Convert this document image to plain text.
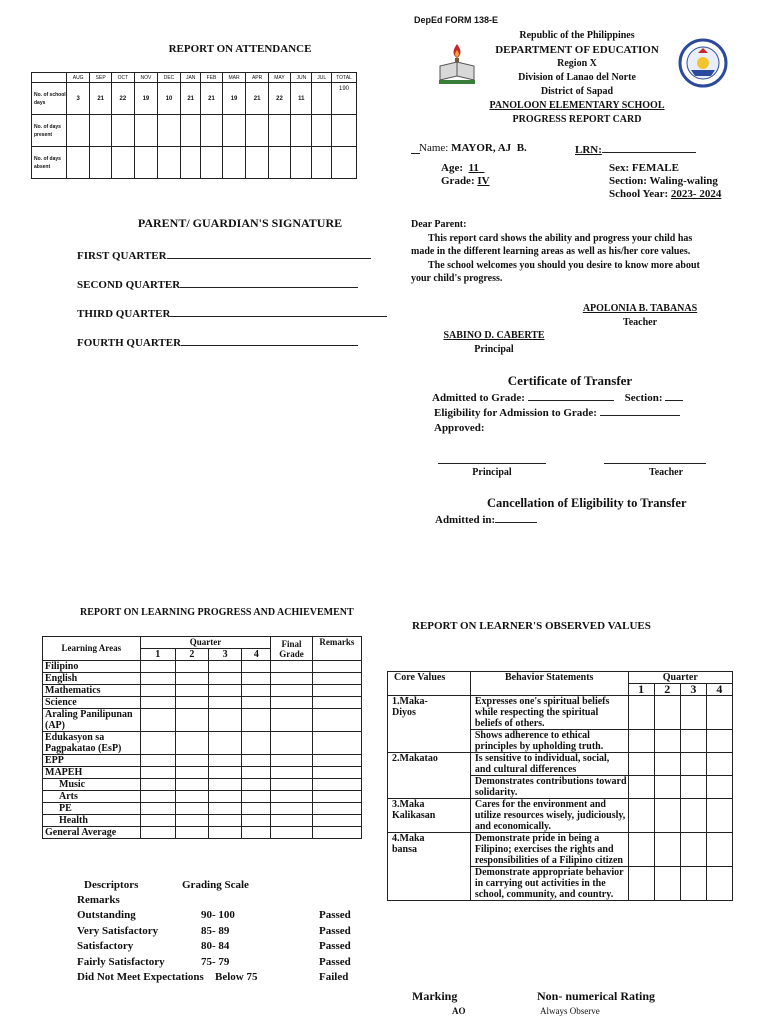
REPORT ON ATTENDANCE
	AUG	SEP	OCT	NOV	DEC	JAN	FEB	MAR	APR	MAY	JUN	JUL	TOTAL
No. of school days	3	21	22	19	10	21	21	19	21	22	11		190
No. of days present													
No. of days absent													
PARENT/ GUARDIAN'S SIGNATURE
FIRST QUARTER
SECOND QUARTER
THIRD QUARTER
FOURTH QUARTER
DepEd FORM 138-E
Republic of the Philippines
DEPARTMENT OF EDUCATION
Region X
Division of Lanao del Norte
District of Sapad
PANOLOON ELEMENTARY SCHOOL
PROGRESS REPORT CARD
Name: MAYOR, AJ B.	LRN:
Age: 11
Grade: IV
Sex: FEMALE
Section: Waling-waling
School Year: 2023- 2024
Dear Parent:
This report card shows the ability and progress your child has
made in the different learning areas as well as his/her core values.
The school welcomes you should you desire to know more about
your child's progress.
APOLONIA B. TABANAS
Teacher
SABINO D. CABERTE
Principal
Certificate of Transfer
Admitted to Grade:	Section:
Eligibility for Admission to Grade:
Approved:
Principal	Teacher
Cancellation of Eligibility to Transfer
Admitted in:
REPORT ON LEARNING PROGRESS AND ACHIEVEMENT
Learning Areas	Quarter				Final Grade	Remarks
	1	2	3	4		
Filipino						
English						
Mathematics						
Science						
Araling Panilipunan (AP)						
Edukasyon sa Pagpakatao (EsP)						
EPP						
MAPEH						
Music						
Arts						
PE						
Health						
General Average						
Descriptors	Grading Scale
Remarks
Outstanding	90- 100	Passed
Very Satisfactory	85- 89	Passed
Satisfactory	80- 84	Passed
Fairly Satisfactory	75- 79	Passed
Did Not Meet Expectations Below 75	Failed
REPORT ON LEARNER'S OBSERVED VALUES
Core Values	Behavior Statements	Quarter			
		1	2	3	4
1.Maka-
Diyos	Expresses one's spiritual beliefs while respecting the spiritual beliefs of others.				
	Shows adherence to ethical principles by upholding truth.				
2.Makatao	Is sensitive to individual, social, and cultural differences				
	Demonstrates contributions toward solidarity.				
3.Maka
Kalikasan	Cares for the environment and utilize resources wisely, judiciously, and economically.				
4.Maka
bansa	Demonstrate pride in being a Filipino; exercises the rights and responsibilities of a Filipino citizen				
	Demonstrate appropriate behavior in carrying out activities in the school, community, and country.				
Marking	Non- numerical Rating
AO	Always Observe
